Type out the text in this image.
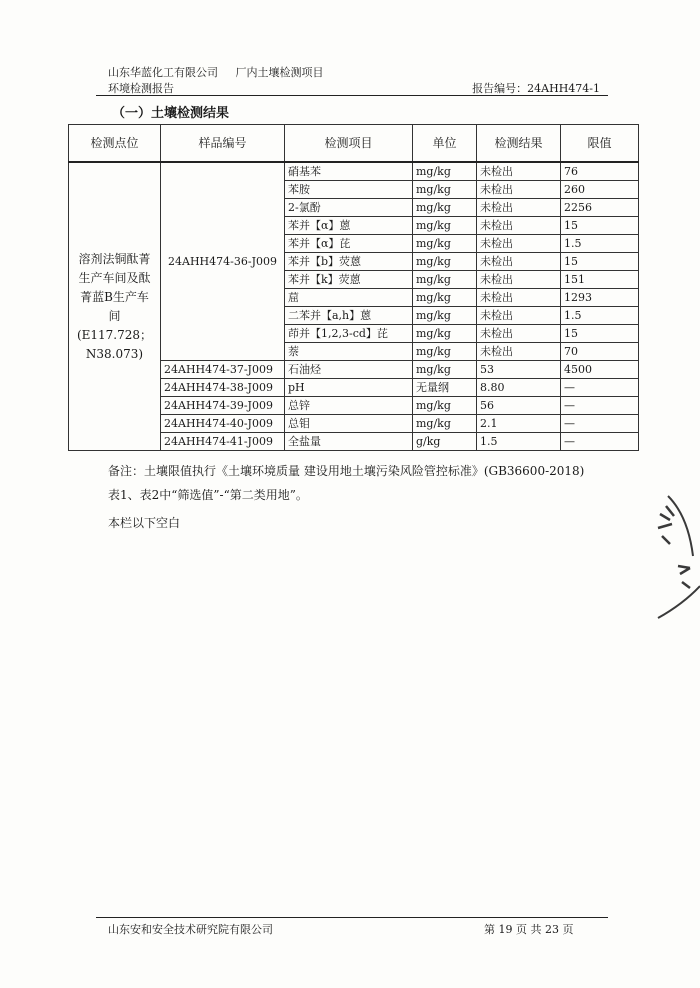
山东华蓝化工有限公司 厂内土壤检测项目
环境检测报告	报告编号：24AHH474-1
（一）土壤检测结果
检测点位	样品编号	检测项目	单位	检测结果	限值
溶剂法铜酞菁生产车间及酞菁蓝B生产车间(E117.728；N38.073)	24AHH474-36-J009	硝基苯	mg/kg	未检出	76
		苯胺	mg/kg	未检出	260
		2-氯酚	mg/kg	未检出	2256
		苯并【α】蒽	mg/kg	未检出	15
		苯并【α】芘	mg/kg	未检出	1.5
		苯并【b】荧蒽	mg/kg	未检出	15
		苯并【k】荧蒽	mg/kg	未检出	151
		䓛	mg/kg	未检出	1293
		二苯并【a,h】蒽	mg/kg	未检出	1.5
		茚并【1,2,3-cd】芘	mg/kg	未检出	15
		萘	mg/kg	未检出	70
	24AHH474-37-J009	石油烃	mg/kg	53	4500
	24AHH474-38-J009	pH	无量纲	8.80	—
	24AHH474-39-J009	总锌	mg/kg	56	—
	24AHH474-40-J009	总钼	mg/kg	2.1	—
	24AHH474-41-J009	全盐量	g/kg	1.5	—
备注：土壤限值执行《土壤环境质量 建设用地土壤污染风险管控标准》(GB36600-2018)
表1、表2中“筛选值”-“第二类用地”。
本栏以下空白
山东安和安全技术研究院有限公司	第 19 页 共 23 页
